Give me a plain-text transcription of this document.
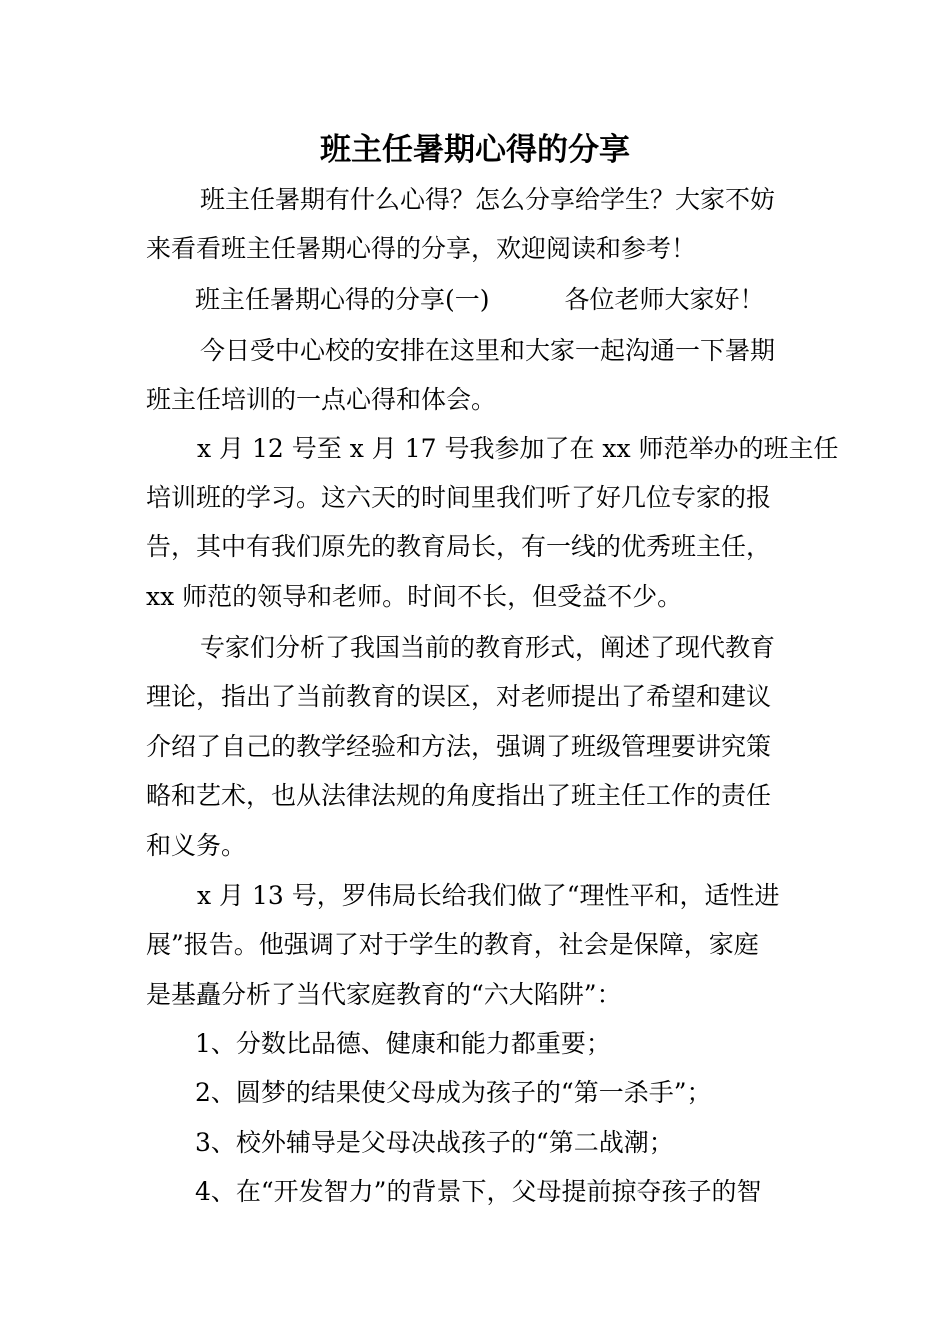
班主任暑期心得的分享
班主任暑期有什么心得？怎么分享给学生？大家不妨
来看看班主任暑期心得的分享，欢迎阅读和参考！
班主任暑期心得的分享(一)　　　各位老师大家好！
今日受中心校的安排在这里和大家一起沟通一下暑期
班主任培训的一点心得和体会。
x 月 12 号至 x 月 17 号我参加了在 xx 师范举办的班主任
培训班的学习。这六天的时间里我们听了好几位专家的报
告，其中有我们原先的教育局长，有一线的优秀班主任，
xx 师范的领导和老师。时间不长，但受益不少。
专家们分析了我国当前的教育形式，阐述了现代教育
理论，指出了当前教育的误区，对老师提出了希望和建议
介绍了自己的教学经验和方法，强调了班级管理要讲究策
略和艺术，也从法律法规的角度指出了班主任工作的责任
和义务。
x 月 13 号，罗伟局长给我们做了“理性平和，适性进
展”报告。他强调了对于学生的教育，社会是保障，家庭
是基矗分析了当代家庭教育的“六大陷阱”：
1、分数比品德、健康和能力都重要；
2、圆梦的结果使父母成为孩子的“第一杀手”；
3、校外辅导是父母决战孩子的“第二战潮；
4、在“开发智力”的背景下，父母提前掠夺孩子的智
